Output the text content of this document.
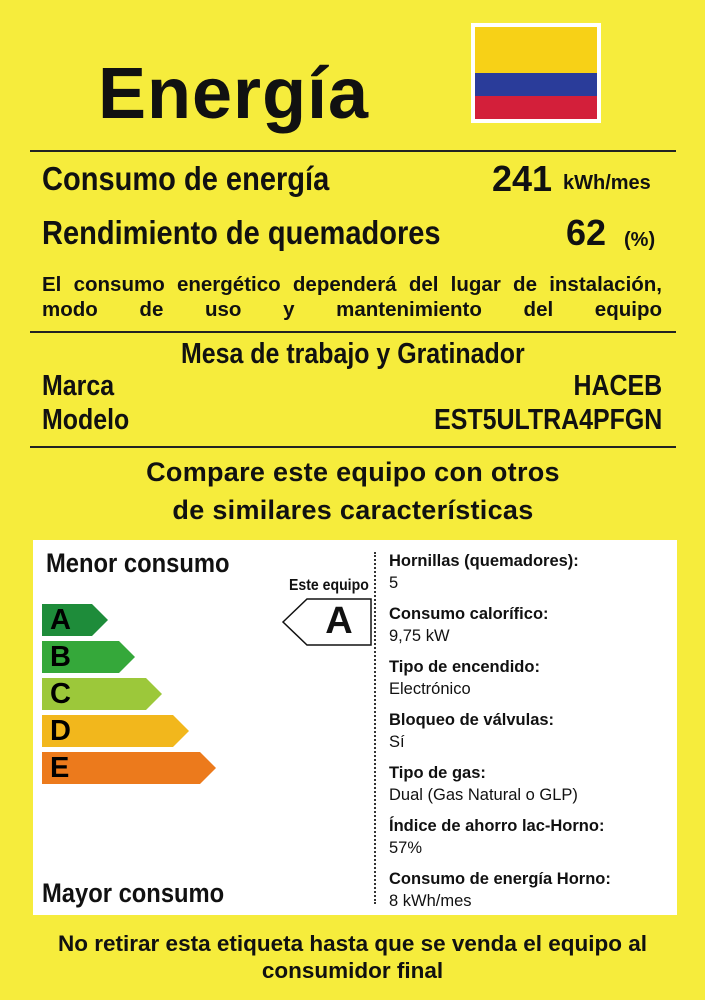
Energía
Consumo de energía	241 kWh/mes
Rendimiento de quemadores	62 (%)
El consumo energético dependerá del lugar de instalación, modo de uso y mantenimiento del equipo
Mesa de trabajo y Gratinador
Marca	HACEB
Modelo	EST5ULTRA4PFGN
Compare este equipo con otros
de similares características
Menor consumo
A
B
C
D
E
Mayor consumo
Este equipo
A
Hornillas (quemadores):
5
Consumo calorífico:
9,75 kW
Tipo de encendido:
Electrónico
Bloqueo de válvulas:
Sí
Tipo de gas:
Dual (Gas Natural o GLP)
Índice de ahorro lac-Horno:
57%
Consumo de energía Horno:
8 kWh/mes
No retirar esta etiqueta hasta que se venda el equipo al
consumidor final
